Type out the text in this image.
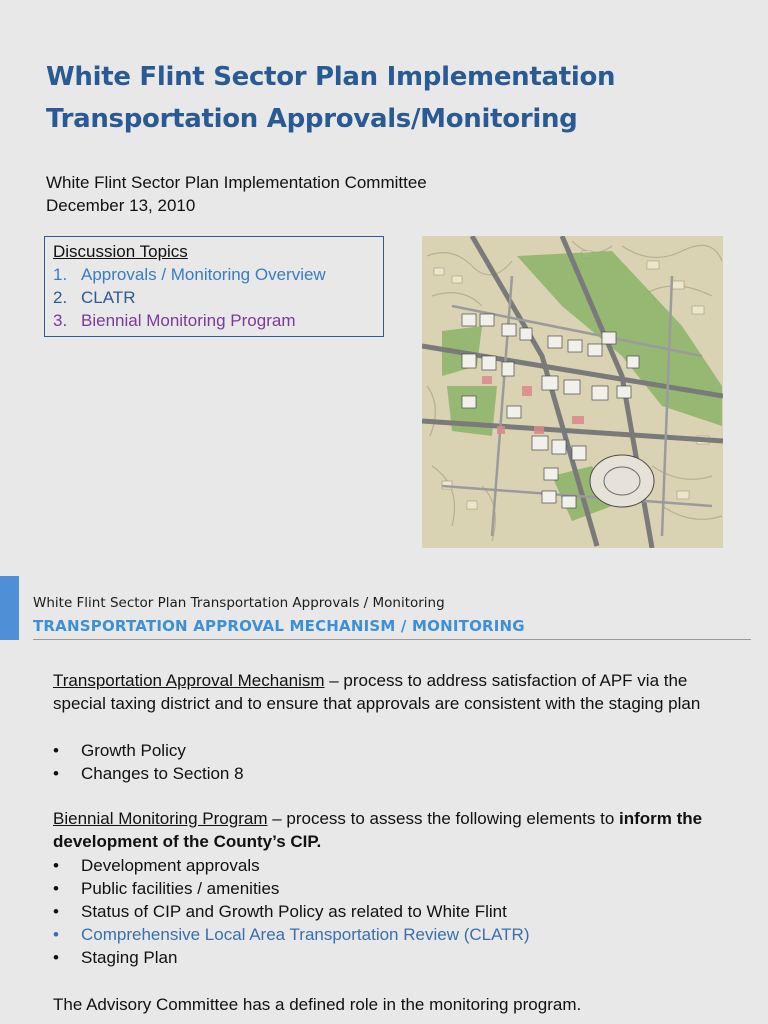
White Flint Sector Plan Implementation
Transportation Approvals/Monitoring
White Flint Sector Plan Implementation Committee
December 13, 2010
Discussion Topics
1. Approvals / Monitoring Overview
2. CLATR
3. Biennial Monitoring Program
White Flint Sector Plan Transportation Approvals / Monitoring
TRANSPORTATION APPROVAL MECHANISM / MONITORING
Transportation Approval Mechanism – process to address satisfaction of APF via the special taxing district and to ensure that approvals are consistent with the staging plan
• Growth Policy
• Changes to Section 8
Biennial Monitoring Program – process to assess the following elements to inform the development of the County’s CIP.
• Development approvals
• Public facilities / amenities
• Status of CIP and Growth Policy as related to White Flint
• Comprehensive Local Area Transportation Review (CLATR)
• Staging Plan
The Advisory Committee has a defined role in the monitoring program.
